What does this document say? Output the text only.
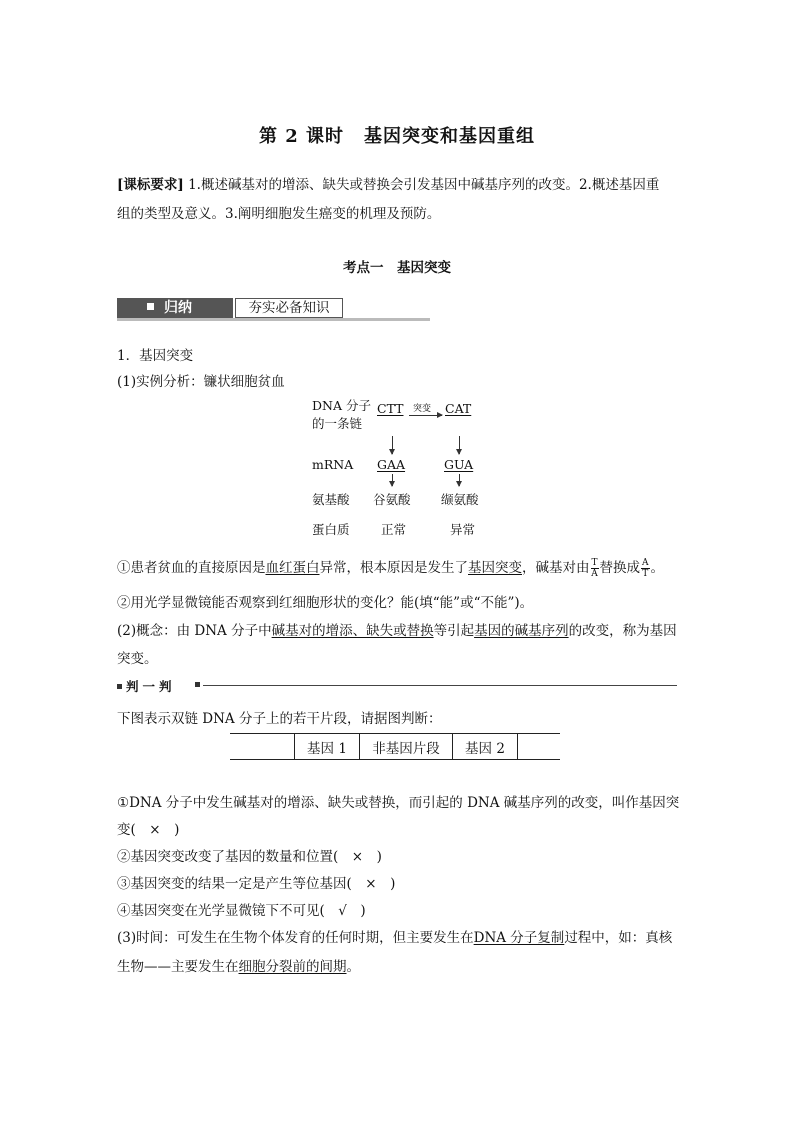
第 2 课时 基因突变和基因重组
[课标要求] 1.概述碱基对的增添、缺失或替换会引发基因中碱基序列的改变。2.概述基因重
组的类型及意义。3.阐明细胞发生癌变的机理及预防。
考点一　基因突变
归纳	夯实必备知识
1．基因突变
(1)实例分析：镰状细胞贫血
DNA 分子
的一条链
CTT 突变 CAT
mRNA GAA	GUA
氨基酸 谷氨酸 缬氨酸
蛋白质	正常	异常
①患者贫血的直接原因是血红蛋白异常，根本原因是发生了基因突变，碱基对由 $\frac{T}{A}$ 替换成 $\frac{A}{T}$ 。
②用光学显微镜能否观察到红细胞形状的变化？能(填“能”或“不能”)。
(2)概念：由 DNA 分子中碱基对的增添、缺失或替换等引起基因的碱基序列的改变，称为基因
突变。
判一判
下图表示双链 DNA 分子上的若干片段，请据图判断：
	基因 1	非基因片段	基因 2	
①DNA 分子中发生碱基对的增添、缺失或替换，而引起的 DNA 碱基序列的改变，叫作基因突
变(　×　)
②基因突变改变了基因的数量和位置(　×　)
③基因突变的结果一定是产生等位基因(　×　)
④基因突变在光学显微镜下不可见(　√　)
(3)时间：可发生在生物个体发育的任何时期，但主要发生在DNA 分子复制过程中，如：真核
生物——主要发生在细胞分裂前的间期。
